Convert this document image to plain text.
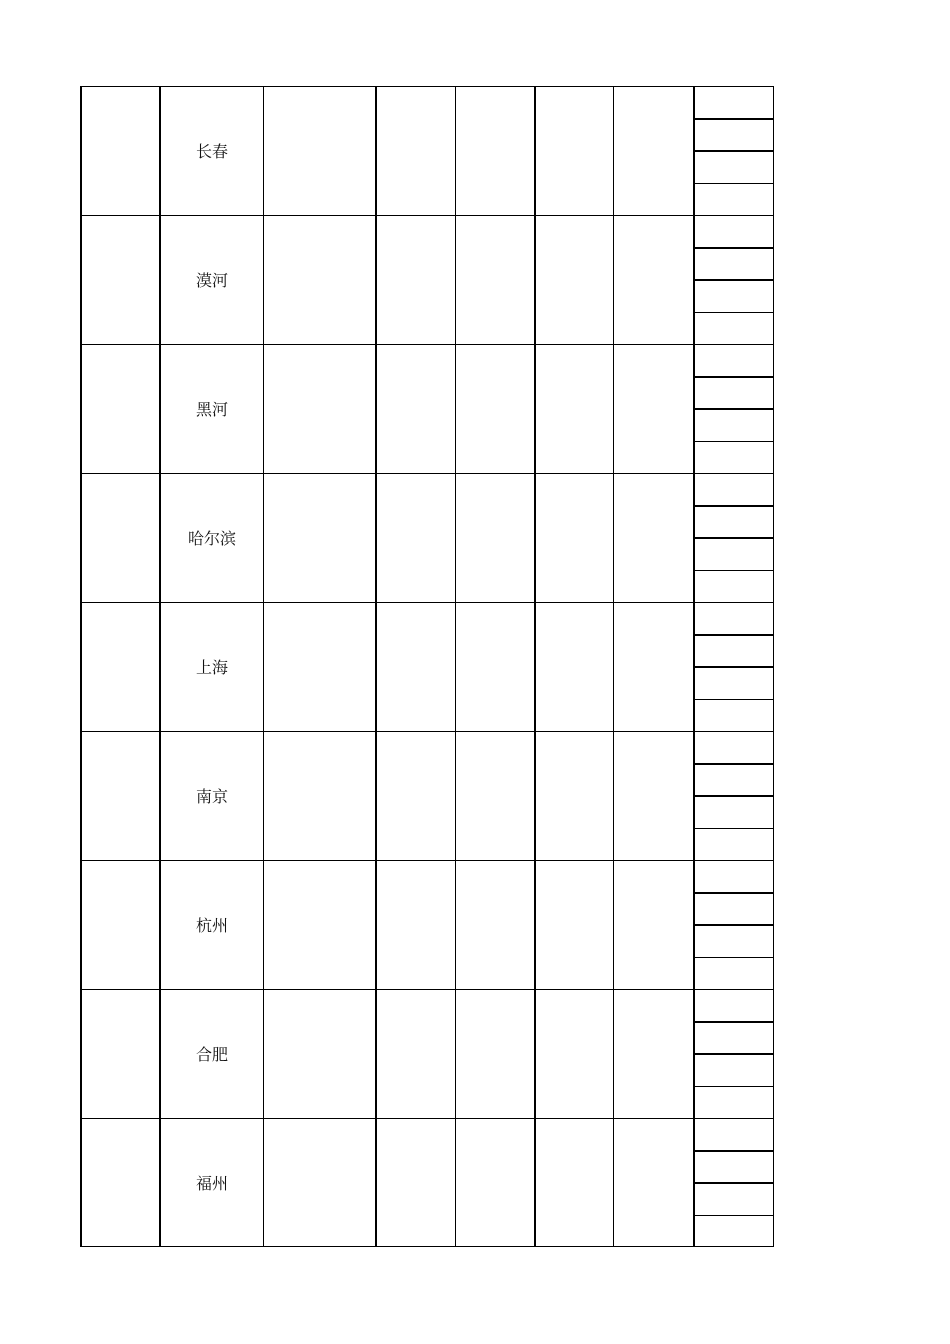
长春
漠河
黑河
哈尔滨
上海
南京
杭州
合肥
福州
